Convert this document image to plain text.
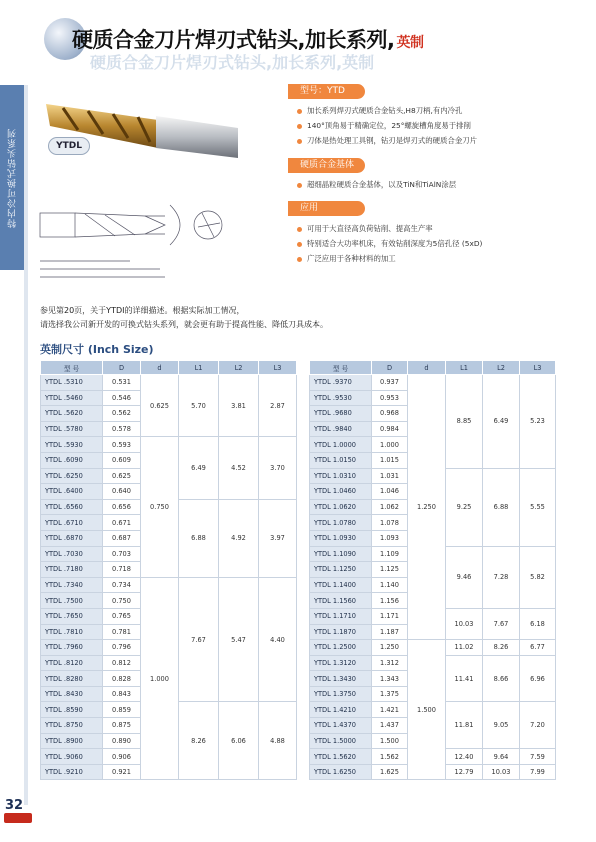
特内冷可换式钻头系列
硬质合金刀片焊刃式钻头,加长系列, 英制
硬质合金刀片焊刃式钻头,加长系列,英制
YTDL
型号：YTD
加长系列焊刃式硬质合金钻头,H8刀柄,有内冷孔
140°顶角易于精确定位，25°螺旋槽角度易于排削
刀体是热处理工具钢，钻刃是焊刃式的硬质合金刀片
硬质合金基体
超细晶粒硬质合金基体，以及TiN和TiAlN涂层
应用
可用于大直径高负荷钻削、提高生产率
特别适合大功率机床，有效钻削深度为5倍孔径 (5xD)
广泛应用于各种材料的加工
参见第20页，关于YTDI的详细描述。根据实际加工情况，
请选择我公司新开发的可换式钻头系列，就会更有助于提高性能、降低刀具成本。
英制尺寸 (Inch Size)
型 号	D	d	L1	L2	L3
YTDL .5310	0.531	0.625	5.70	3.81	2.87
YTDL .5460	0.546				
YTDL .5620	0.562				
YTDL .5780	0.578				
YTDL .5930	0.593	0.750	6.49	4.52	3.70
YTDL .6090	0.609				
YTDL .6250	0.625				
YTDL .6400	0.640				
YTDL .6560	0.656		6.88	4.92	3.97
YTDL .6710	0.671				
YTDL .6870	0.687				
YTDL .7030	0.703				
YTDL .7180	0.718				
YTDL .7340	0.734	1.000	7.67	5.47	4.40
YTDL .7500	0.750				
YTDL .7650	0.765				
YTDL .7810	0.781				
YTDL .7960	0.796				
YTDL .8120	0.812				
YTDL .8280	0.828				
YTDL .8430	0.843				
YTDL .8590	0.859		8.26	6.06	4.88
YTDL .8750	0.875				
YTDL .8900	0.890				
YTDL .9060	0.906				
YTDL .9210	0.921				
型 号	D	d	L1	L2	L3
YTDL .9370	0.937	1.250	8.85	6.49	5.23
YTDL .9530	0.953				
YTDL .9680	0.968				
YTDL .9840	0.984				
YTDL 1.0000	1.000				
YTDL 1.0150	1.015				
YTDL 1.0310	1.031		9.25	6.88	5.55
YTDL 1.0460	1.046				
YTDL 1.0620	1.062				
YTDL 1.0780	1.078				
YTDL 1.0930	1.093				
YTDL 1.1090	1.109		9.46	7.28	5.82
YTDL 1.1250	1.125				
YTDL 1.1400	1.140				
YTDL 1.1560	1.156				
YTDL 1.1710	1.171		10.03	7.67	6.18
YTDL 1.1870	1.187				
YTDL 1.2500	1.250	1.500	11.02	8.26	6.77
YTDL 1.3120	1.312		11.41	8.66	6.96
YTDL 1.3430	1.343				
YTDL 1.3750	1.375				
YTDL 1.4210	1.421		11.81	9.05	7.20
YTDL 1.4370	1.437				
YTDL 1.5000	1.500				
YTDL 1.5620	1.562		12.40	9.64	7.59
YTDL 1.6250	1.625		12.79	10.03	7.99
32
